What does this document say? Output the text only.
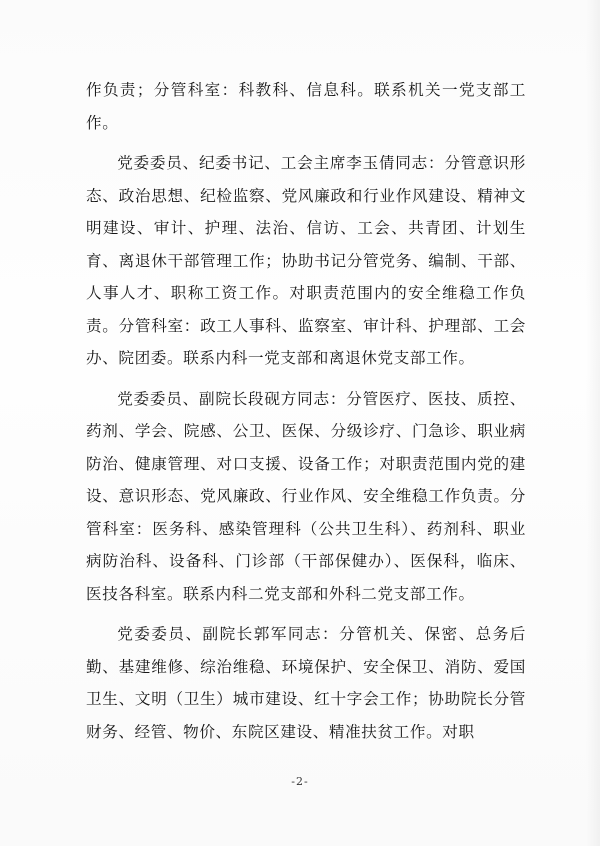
作负责；分管科室：科教科、信息科。联系机关一党支部工作。

党委委员、纪委书记、工会主席李玉倩同志：分管意识形态、政治思想、纪检监察、党风廉政和行业作风建设、精神文明建设、审计、护理、法治、信访、工会、共青团、计划生育、离退休干部管理工作；协助书记分管党务、编制、干部、人事人才、职称工资工作。对职责范围内的安全维稳工作负责。分管科室：政工人事科、监察室、审计科、护理部、工会办、院团委。联系内科一党支部和离退休党支部工作。

党委委员、副院长段砚方同志：分管医疗、医技、质控、药剂、学会、院感、公卫、医保、分级诊疗、门急诊、职业病防治、健康管理、对口支援、设备工作；对职责范围内党的建设、意识形态、党风廉政、行业作风、安全维稳工作负责。分管科室：医务科、感染管理科（公共卫生科）、药剂科、职业病防治科、设备科、门诊部（干部保健办）、医保科，临床、医技各科室。联系内科二党支部和外科二党支部工作。

党委委员、副院长郭军同志：分管机关、保密、总务后勤、基建维修、综治维稳、环境保护、安全保卫、消防、爱国卫生、文明（卫生）城市建设、红十字会工作；协助院长分管财务、经管、物价、东院区建设、精准扶贫工作。对职

-2-
